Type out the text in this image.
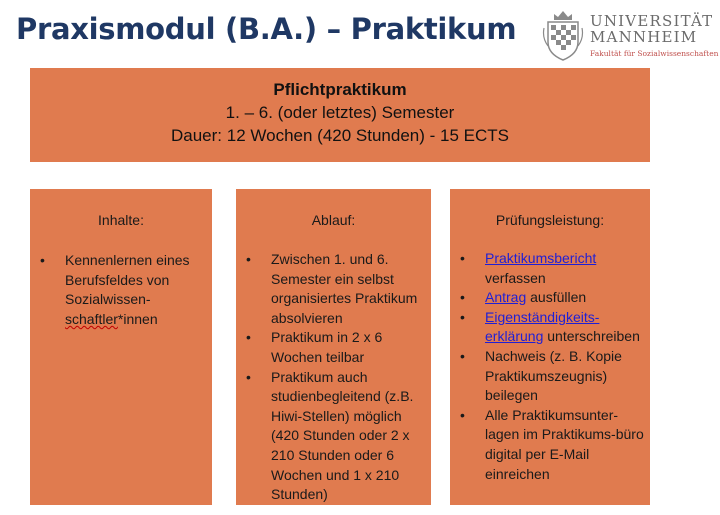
Praxismodul (B.A.) – Praktikum	UNIVERSITÄT
MANNHEIM
Fakultät für Sozialwissenschaften
Pflichtpraktikum
1. – 6. (oder letztes) Semester
Dauer: 12 Wochen (420 Stunden) - 15 ECTS
Inhalte:
• Kennenlernen eines Berufsfeldes von Sozialwissen-
schaftler*innen
Ablauf:
• Zwischen 1. und 6. Semester ein selbst organisiertes Praktikum absolvieren
• Praktikum in 2 x 6 Wochen teilbar
• Praktikum auch studienbegleitend (z.B. Hiwi-Stellen) möglich (420 Stunden oder 2 x 210 Stunden oder 6 Wochen und 1 x 210 Stunden)
Prüfungsleistung:
• Praktikumsbericht verfassen
• Antrag ausfüllen
• Eigenständigkeits-erklärung unterschreiben
• Nachweis (z. B. Kopie Praktikumszeugnis) beilegen
• Alle Praktikumsunter-lagen im Praktikums-büro digital per E-Mail einreichen
